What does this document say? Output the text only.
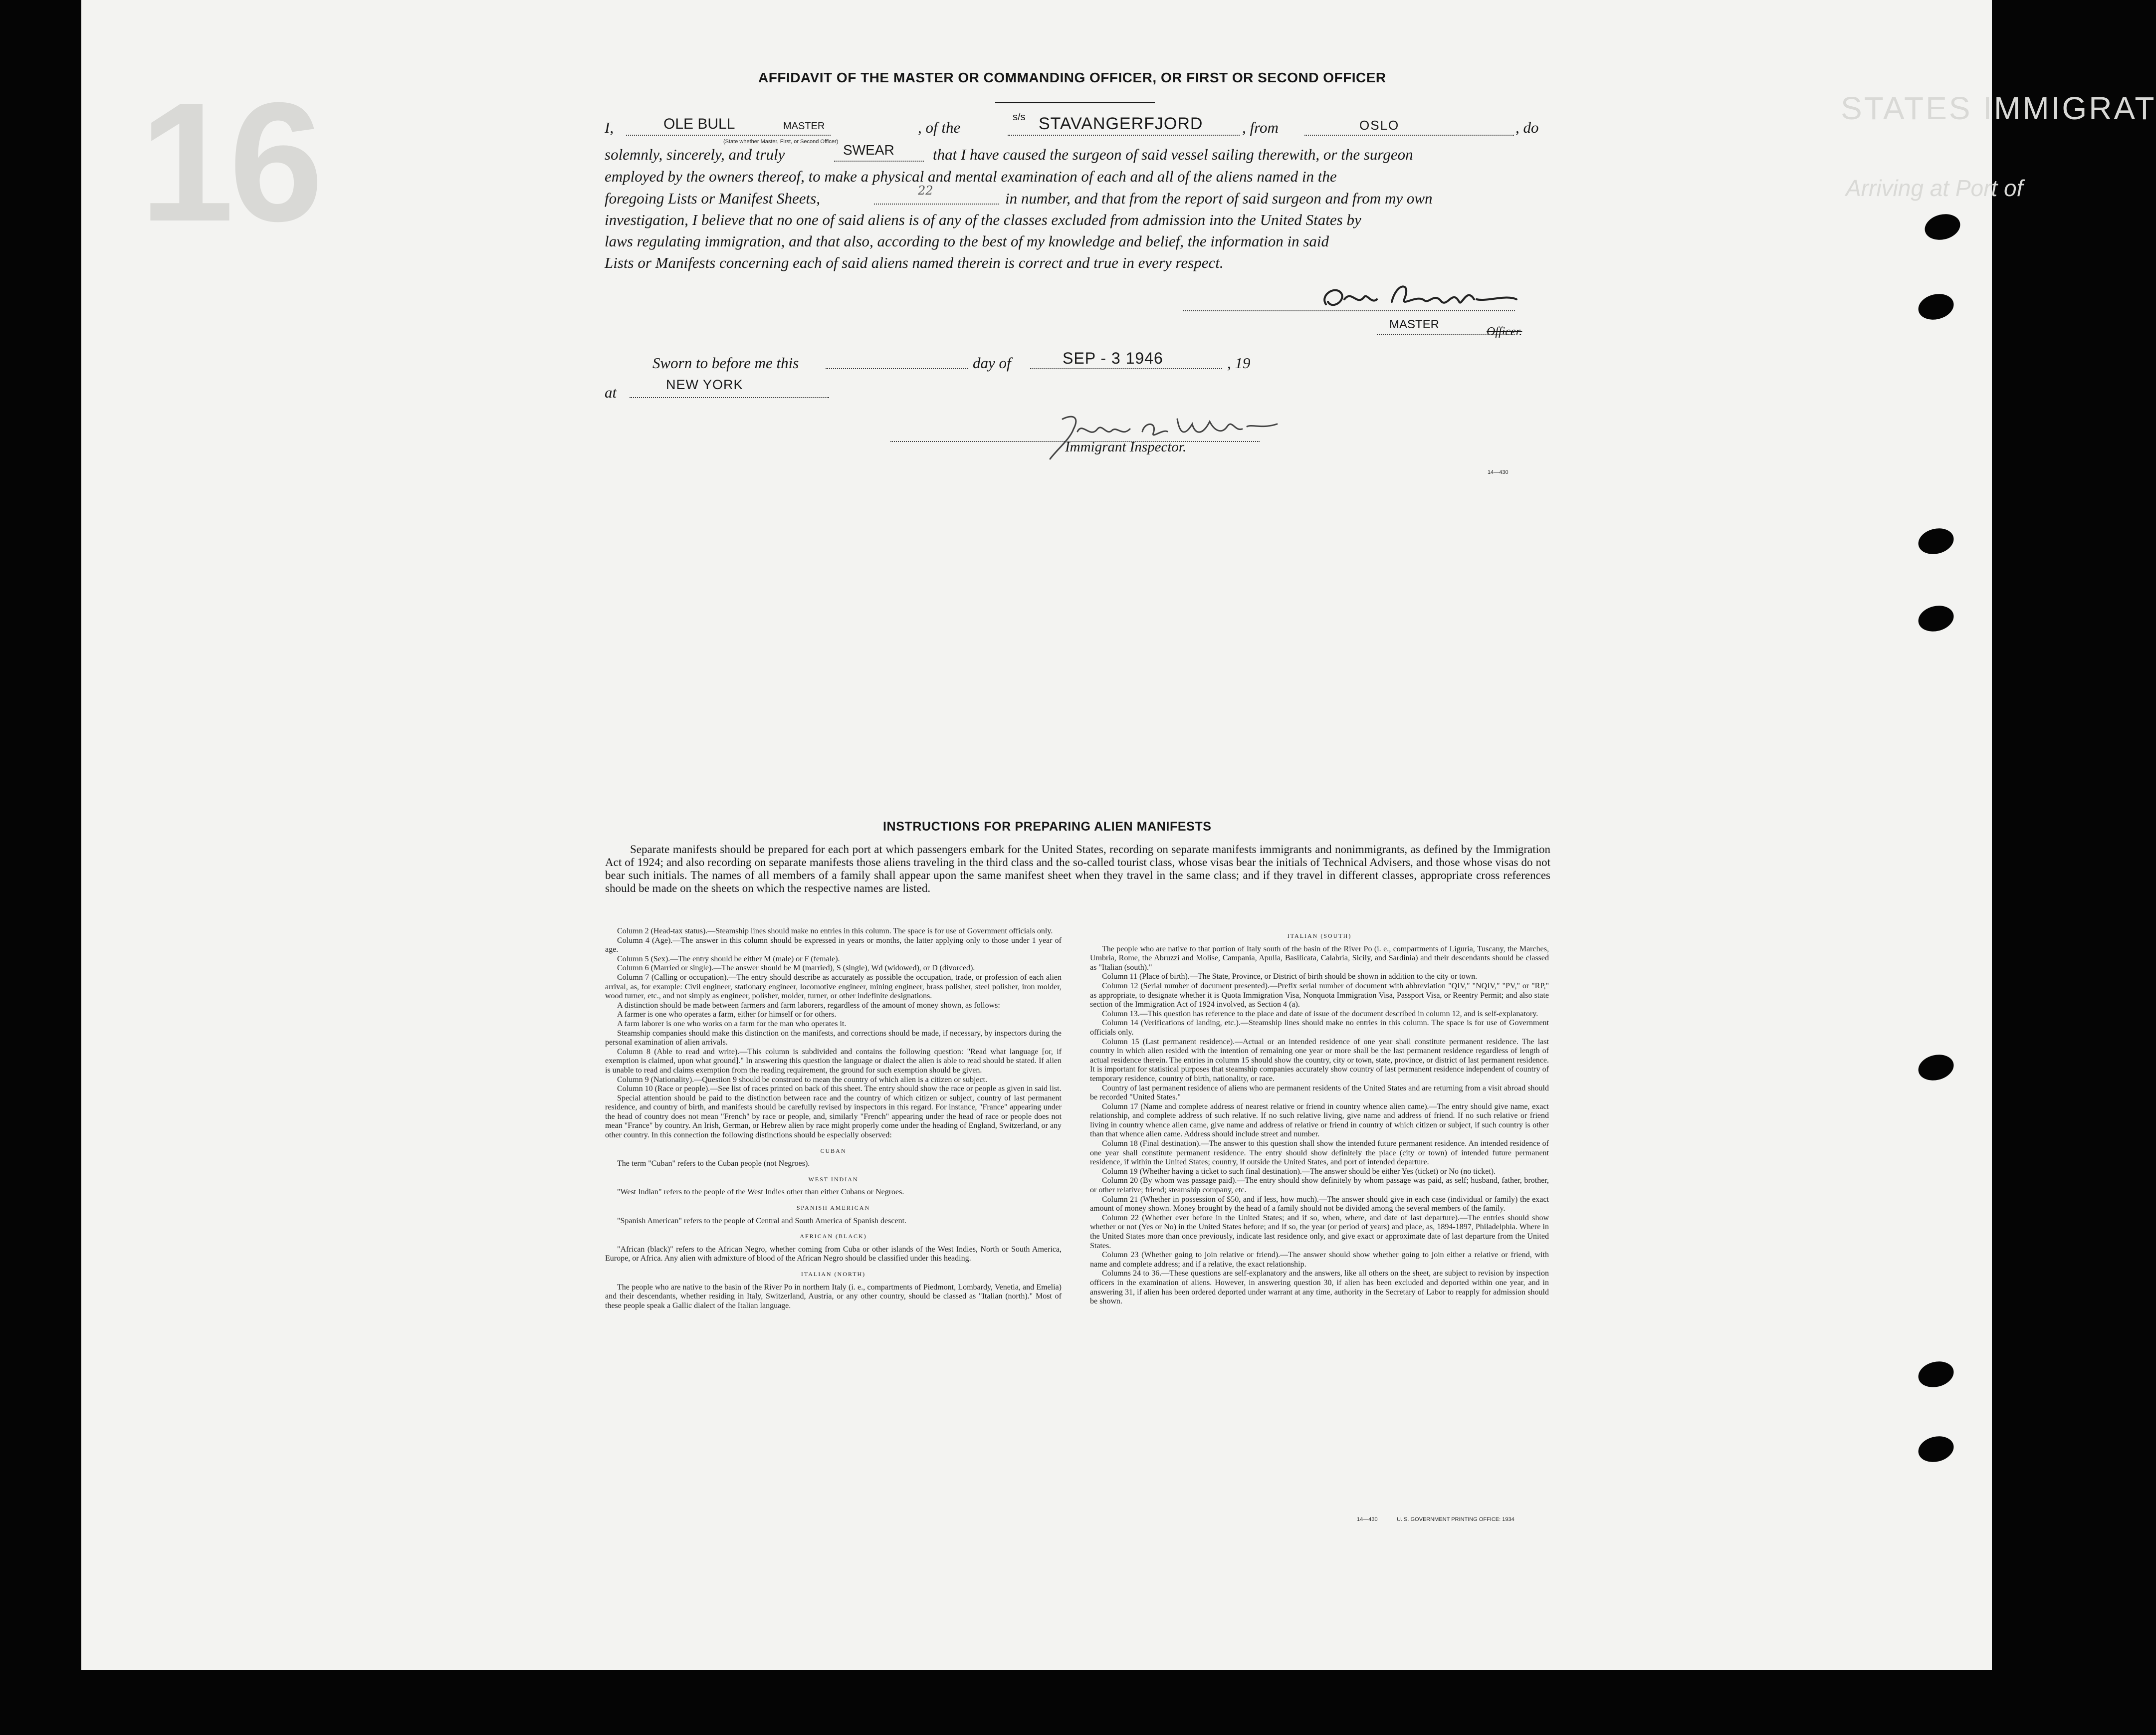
16	STATES IMMIGRAT
Arriving at Port of
AFFIDAVIT OF THE MASTER OR COMMANDING OFFICER, OR FIRST OR SECOND OFFICER
I,	OLE BULL	MASTER
(State whether Master, First, or Second Officer)
, of the
s/s STAVANGERFJORD	, from	OSLO	, do
solemnly, sincerely, and truly	SWEAR that I have caused the surgeon of said vessel sailing therewith, or the surgeon
employed by the owners thereof, to make a physical and mental examination of each and all of the aliens named in the
foregoing Lists or Manifest Sheets,	22	in number, and that from the report of said surgeon and from my own
investigation, I believe that no one of said aliens is of any of the classes excluded from admission into the United States by
laws regulating immigration, and that also, according to the best of my knowledge and belief, the information in said
Lists or Manifests concerning each of said aliens named therein is correct and true in every respect.
MASTER
Officer.
Sworn to before me this	day of	SEP - 3 1946	, 19
at	NEW YORK
Immigrant Inspector.
14—430
INSTRUCTIONS FOR PREPARING ALIEN MANIFESTS
Separate manifests should be prepared for each port at which passengers embark for the United States, recording on separate manifests immigrants and nonimmigrants, as defined by the Immigration Act of 1924; and also recording on separate manifests those aliens traveling in the third class and the so-called tourist class, whose visas bear the initials of Technical Advisers, and those whose visas do not bear such initials. The names of all members of a family shall appear upon the same manifest sheet when they travel in the same class; and if they travel in different classes, appropriate cross references should be made on the sheets on which the respective names are listed.

Column 2 (Head-tax status).—Steamship lines should make no entries in this column. The space is for use of Government officials only.

Column 4 (Age).—The answer in this column should be expressed in years or months, the latter applying only to those under 1 year of age.

Column 5 (Sex).—The entry should be either M (male) or F (female).

Column 6 (Married or single).—The answer should be M (married), S (single), Wd (widowed), or D (divorced).

Column 7 (Calling or occupation).—The entry should describe as accurately as possible the occupation, trade, or profession of each alien arrival, as, for example: Civil engineer, stationary engineer, locomotive engineer, mining engineer, brass polisher, steel polisher, iron molder, wood turner, etc., and not simply as engineer, polisher, molder, turner, or other indefinite designations.

A distinction should be made between farmers and farm laborers, regardless of the amount of money shown, as follows:

A farmer is one who operates a farm, either for himself or for others.

A farm laborer is one who works on a farm for the man who operates it.

Steamship companies should make this distinction on the manifests, and corrections should be made, if necessary, by inspectors during the personal examination of alien arrivals.

Column 8 (Able to read and write).—This column is subdivided and contains the following question: "Read what language [or, if exemption is claimed, upon what ground]." In answering this question the language or dialect the alien is able to read should be stated. If alien is unable to read and claims exemption from the reading requirement, the ground for such exemption should be given.

Column 9 (Nationality).—Question 9 should be construed to mean the country of which alien is a citizen or subject.

Column 10 (Race or people).—See list of races printed on back of this sheet. The entry should show the race or people as given in said list.

Special attention should be paid to the distinction between race and the country of which citizen or subject, country of last permanent residence, and country of birth, and manifests should be carefully revised by inspectors in this regard. For instance, "France" appearing under the head of country does not mean "French" by race or people, and, similarly "French" appearing under the head of race or people does not mean "France" by country. An Irish, German, or Hebrew alien by race might properly come under the heading of England, Switzerland, or any other country. In this connection the following distinctions should be especially observed:

CUBAN

The term "Cuban" refers to the Cuban people (not Negroes).

WEST INDIAN

"West Indian" refers to the people of the West Indies other than either Cubans or Negroes.

SPANISH AMERICAN

"Spanish American" refers to the people of Central and South America of Spanish descent.

AFRICAN (BLACK)

"African (black)" refers to the African Negro, whether coming from Cuba or other islands of the West Indies, North or South America, Europe, or Africa. Any alien with admixture of blood of the African Negro should be classified under this heading.

ITALIAN (NORTH)

The people who are native to the basin of the River Po in northern Italy (i. e., compartments of Piedmont, Lombardy, Venetia, and Emelia) and their descendants, whether residing in Italy, Switzerland, Austria, or any other country, should be classed as "Italian (north)." Most of these people speak a Gallic dialect of the Italian language.

ITALIAN (SOUTH)

The people who are native to that portion of Italy south of the basin of the River Po (i. e., compartments of Liguria, Tuscany, the Marches, Umbria, Rome, the Abruzzi and Molise, Campania, Apulia, Basilicata, Calabria, Sicily, and Sardinia) and their descendants should be classed as "Italian (south)."

Column 11 (Place of birth).—The State, Province, or District of birth should be shown in addition to the city or town.

Column 12 (Serial number of document presented).—Prefix serial number of document with abbreviation "QIV," "NQIV," "PV," or "RP," as appropriate, to designate whether it is Quota Immigration Visa, Nonquota Immigration Visa, Passport Visa, or Reentry Permit; and also state section of the Immigration Act of 1924 involved, as Section 4 (a).

Column 13.—This question has reference to the place and date of issue of the document described in column 12, and is self-explanatory.

Column 14 (Verifications of landing, etc.).—Steamship lines should make no entries in this column. The space is for use of Government officials only.

Column 15 (Last permanent residence).—Actual or an intended residence of one year shall constitute permanent residence. The last country in which alien resided with the intention of remaining one year or more shall be the last permanent residence regardless of length of actual residence therein. The entries in column 15 should show the country, city or town, state, province, or district of last permanent residence. It is important for statistical purposes that steamship companies accurately show country of last permanent residence independent of country of temporary residence, country of birth, nationality, or race.

Country of last permanent residence of aliens who are permanent residents of the United States and are returning from a visit abroad should be recorded "United States."

Column 17 (Name and complete address of nearest relative or friend in country whence alien came).—The entry should give name, exact relationship, and complete address of such relative. If no such relative living, give name and address of friend. If no such relative or friend living in country whence alien came, give name and address of relative or friend in country of which citizen or subject, if such country is other than that whence alien came. Address should include street and number.

Column 18 (Final destination).—The answer to this question shall show the intended future permanent residence. An intended residence of one year shall constitute permanent residence. The entry should show definitely the place (city or town) of intended future permanent residence, if within the United States; country, if outside the United States, and port of intended departure.

Column 19 (Whether having a ticket to such final destination).—The answer should be either Yes (ticket) or No (no ticket).

Column 20 (By whom was passage paid).—The entry should show definitely by whom passage was paid, as self; husband, father, brother, or other relative; friend; steamship company, etc.

Column 21 (Whether in possession of $50, and if less, how much).—The answer should give in each case (individual or family) the exact amount of money shown. Money brought by the head of a family should not be divided among the several members of the family.

Column 22 (Whether ever before in the United States; and if so, when, where, and date of last departure).—The entries should show whether or not (Yes or No) in the United States before; and if so, the year (or period of years) and place, as, 1894-1897, Philadelphia. Where in the United States more than once previously, indicate last residence only, and give exact or approximate date of last departure from the United States.

Column 23 (Whether going to join relative or friend).—The answer should show whether going to join either a relative or friend, with name and complete address; and if a relative, the exact relationship.

Columns 24 to 36.—These questions are self-explanatory and the answers, like all others on the sheet, are subject to revision by inspection officers in the examination of aliens. However, in answering question 30, if alien has been excluded and deported within one year, and in answering 31, if alien has been ordered deported under warrant at any time, authority in the Secretary of Labor to reapply for admission should be shown.

14—430	U. S. GOVERNMENT PRINTING OFFICE: 1934
